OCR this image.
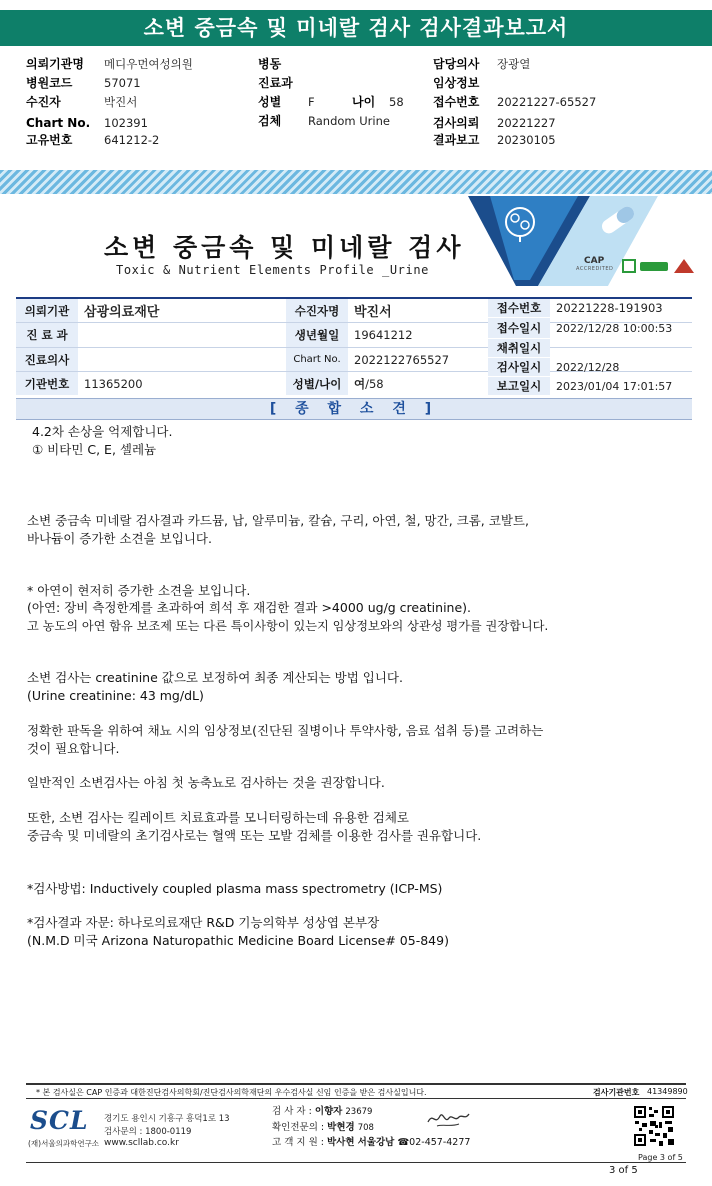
소변 중금속 및 미네랄 검사 검사결과보고서
의뢰기관명 메디우먼여성의원
병원코드	57071
수진자	박진서
Chart No. 102391
고유번호	641212-2
병동
진료과
성별 F	나이 58
검체 Random Urine
담당의사 장광열
임상정보
접수번호 20221227-65527
검사의뢰 20221227
결과보고 20230105
CAP
ACCREDITED
소변 중금속 및 미네랄 검사
Toxic & Nutrient Elements Profile _Urine
의뢰기관	삼광의료재단
진 료 과
진료의사
기관번호	11365200
수진자명	박진서
생년월일	19641212
Chart No.	2022122765527
성별/나이	여 /58
접수번호	20221228-191903
접수일시	2022/12/28 10:00:53
채취일시
검사일시	2022/12/28
보고일시	2023/01/04 17:01:57
[ 종 합 소 견 ]
4.2차 손상을 억제합니다.
① 비타민 C, E, 셀레늄
소변 중금속 미네랄 검사결과 카드뮴, 납, 알루미늄, 칼슘, 구리, 아연, 철, 망간, 크롬, 코발트,
바나듐이 증가한 소견을 보입니다.
* 아연이 현저히 증가한 소견을 보입니다.
(아연: 장비 측정한계를 초과하여 희석 후 재검한 결과 >4000 ug/g creatinine).
고 농도의 아연 함유 보조제 또는 다른 특이사항이 있는지 임상정보와의 상관성 평가를 권장합니다.
소변 검사는 creatinine 값으로 보정하여 최종 계산되는 방법 입니다.
(Urine creatinine: 43 mg/dL)
정확한 판독을 위하여 채뇨 시의 임상정보(진단된 질병이나 투약사항, 음료 섭취 등)를 고려하는
것이 필요합니다.
일반적인 소변검사는 아침 첫 농축뇨로 검사하는 것을 권장합니다.
또한, 소변 검사는 킬레이트 치료효과를 모니터링하는데 유용한 검체로
중금속 및 미네랄의 초기검사로는 혈액 또는 모발 검체를 이용한 검사를 권유합니다.
*검사방법: Inductively coupled plasma mass spectrometry (ICP-MS)
*검사결과 자문: 하나로의료재단 R&D 기능의학부 성상엽 본부장
(N.M.D 미국 Arizona Naturopathic Medicine Board License# 05-849)
* 본 검사실은 CAP 인증과 대한진단검사의학회/진단검사의학재단의 우수검사실 신임 인증을 받은 검사실입니다.	검사기관번호 41349890
SCL
(재)서울의과학연구소
경기도 용인시 기흥구 흥덕1로 13
검사문의 : 1800-0119
www.scllab.co.kr
검 사 자 : 이향자 23679
확인전문의 : 박현경 708
고 객 지 원 : 박사현 서울강남 ☎02-457-4277
Page 3 of 5
3 of 5
